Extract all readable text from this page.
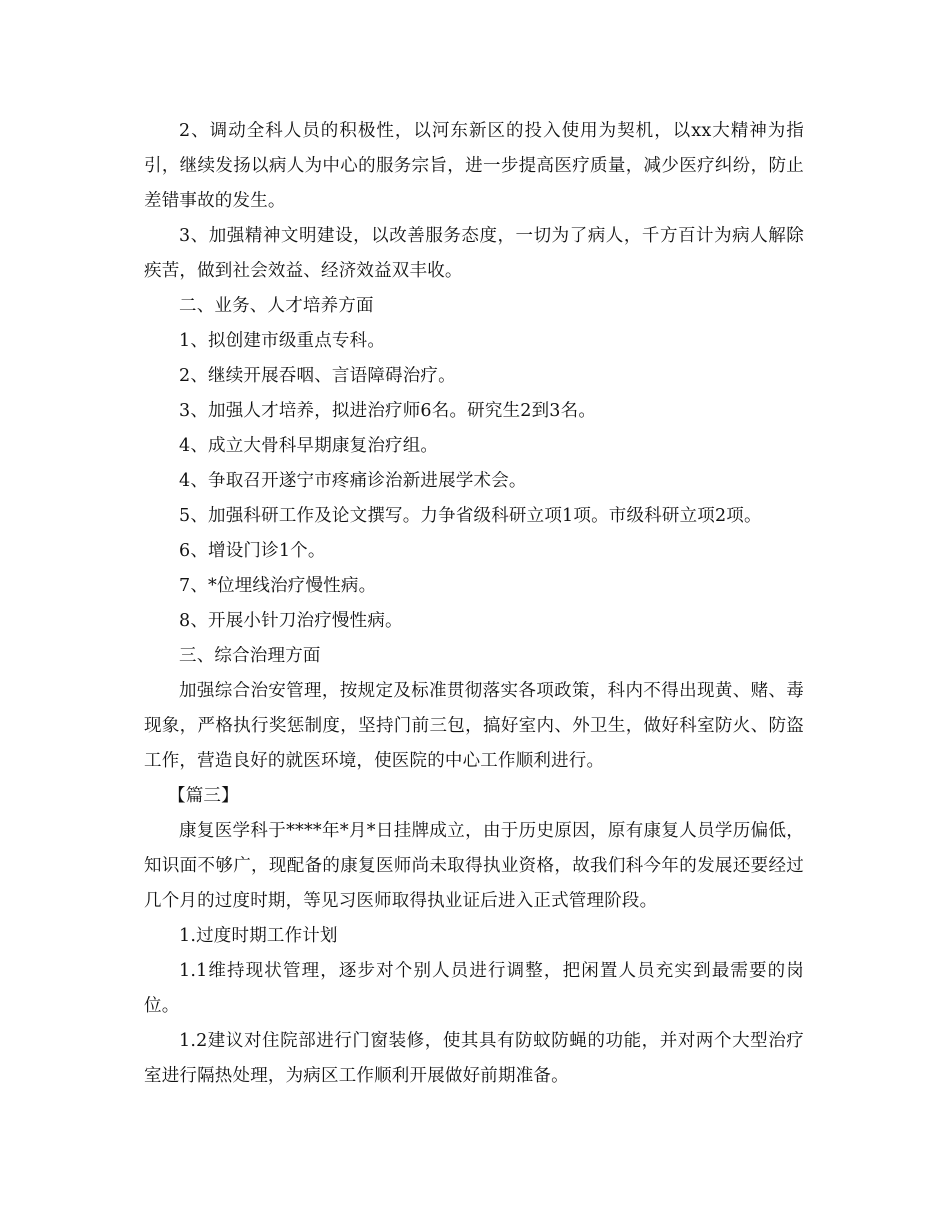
2、调动全科人员的积极性，以河东新区的投入使用为契机，以xx大精神为指引，继续发扬以病人为中心的服务宗旨，进一步提高医疗质量，减少医疗纠纷，防止差错事故的发生。

3、加强精神文明建设，以改善服务态度，一切为了病人，千方百计为病人解除疾苦，做到社会效益、经济效益双丰收。

二、业务、人才培养方面

1、拟创建市级重点专科。

2、继续开展吞咽、言语障碍治疗。

3、加强人才培养，拟进治疗师6名。研究生2到3名。

4、成立大骨科早期康复治疗组。

4、争取召开遂宁市疼痛诊治新进展学术会。

5、加强科研工作及论文撰写。力争省级科研立项1项。市级科研立项2项。

6、增设门诊1个。

7、*位埋线治疗慢性病。

8、开展小针刀治疗慢性病。

三、综合治理方面

加强综合治安管理，按规定及标准贯彻落实各项政策，科内不得出现黄、赌、毒现象，严格执行奖惩制度，坚持门前三包，搞好室内、外卫生，做好科室防火、防盗工作，营造良好的就医环境，使医院的中心工作顺利进行。

【篇三】

康复医学科于****年*月*日挂牌成立，由于历史原因，原有康复人员学历偏低，知识面不够广，现配备的康复医师尚未取得执业资格，故我们科今年的发展还要经过几个月的过度时期，等见习医师取得执业证后进入正式管理阶段。

1.过度时期工作计划

1.1维持现状管理，逐步对个别人员进行调整，把闲置人员充实到最需要的岗位。

1.2建议对住院部进行门窗装修，使其具有防蚊防蝇的功能，并对两个大型治疗室进行隔热处理，为病区工作顺利开展做好前期准备。
